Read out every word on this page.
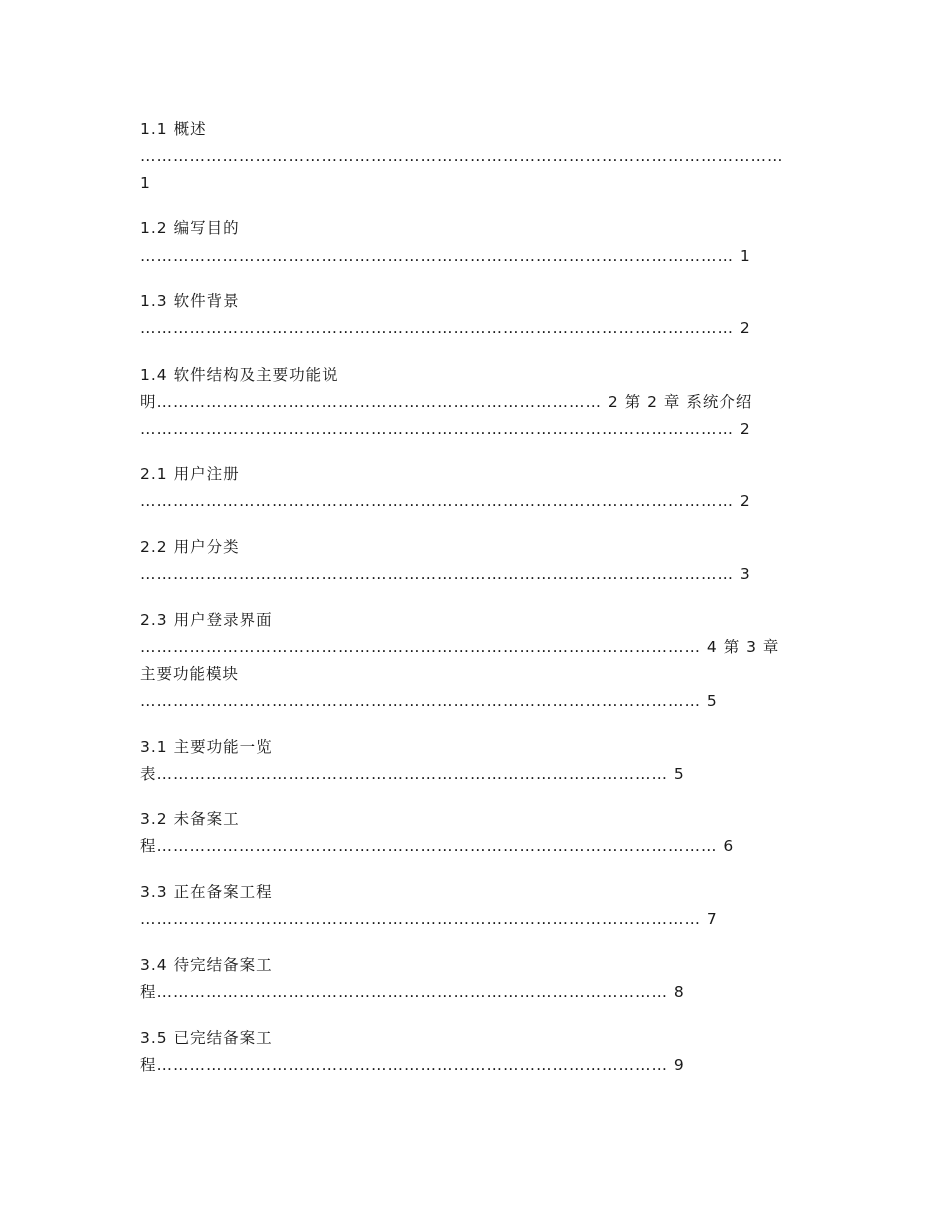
1.1 概述
………………………………………………………………………………………………………
1
1.2 编写目的
……………………………………………………………………………………………… 1
1.3 软件背景
……………………………………………………………………………………………… 2
1.4 软件结构及主要功能说
明……………………………………………………………………… 2 第 2 章 系统介绍
……………………………………………………………………………………………… 2
2.1 用户注册
……………………………………………………………………………………………… 2
2.2 用户分类
……………………………………………………………………………………………… 3
2.3 用户登录界面
………………………………………………………………………………………… 4 第 3 章
主要功能模块
………………………………………………………………………………………… 5
3.1 主要功能一览
表………………………………………………………………………………… 5
3.2 未备案工
程………………………………………………………………………………………… 6
3.3 正在备案工程
………………………………………………………………………………………… 7
3.4 待完结备案工
程………………………………………………………………………………… 8
3.5 已完结备案工
程………………………………………………………………………………… 9
